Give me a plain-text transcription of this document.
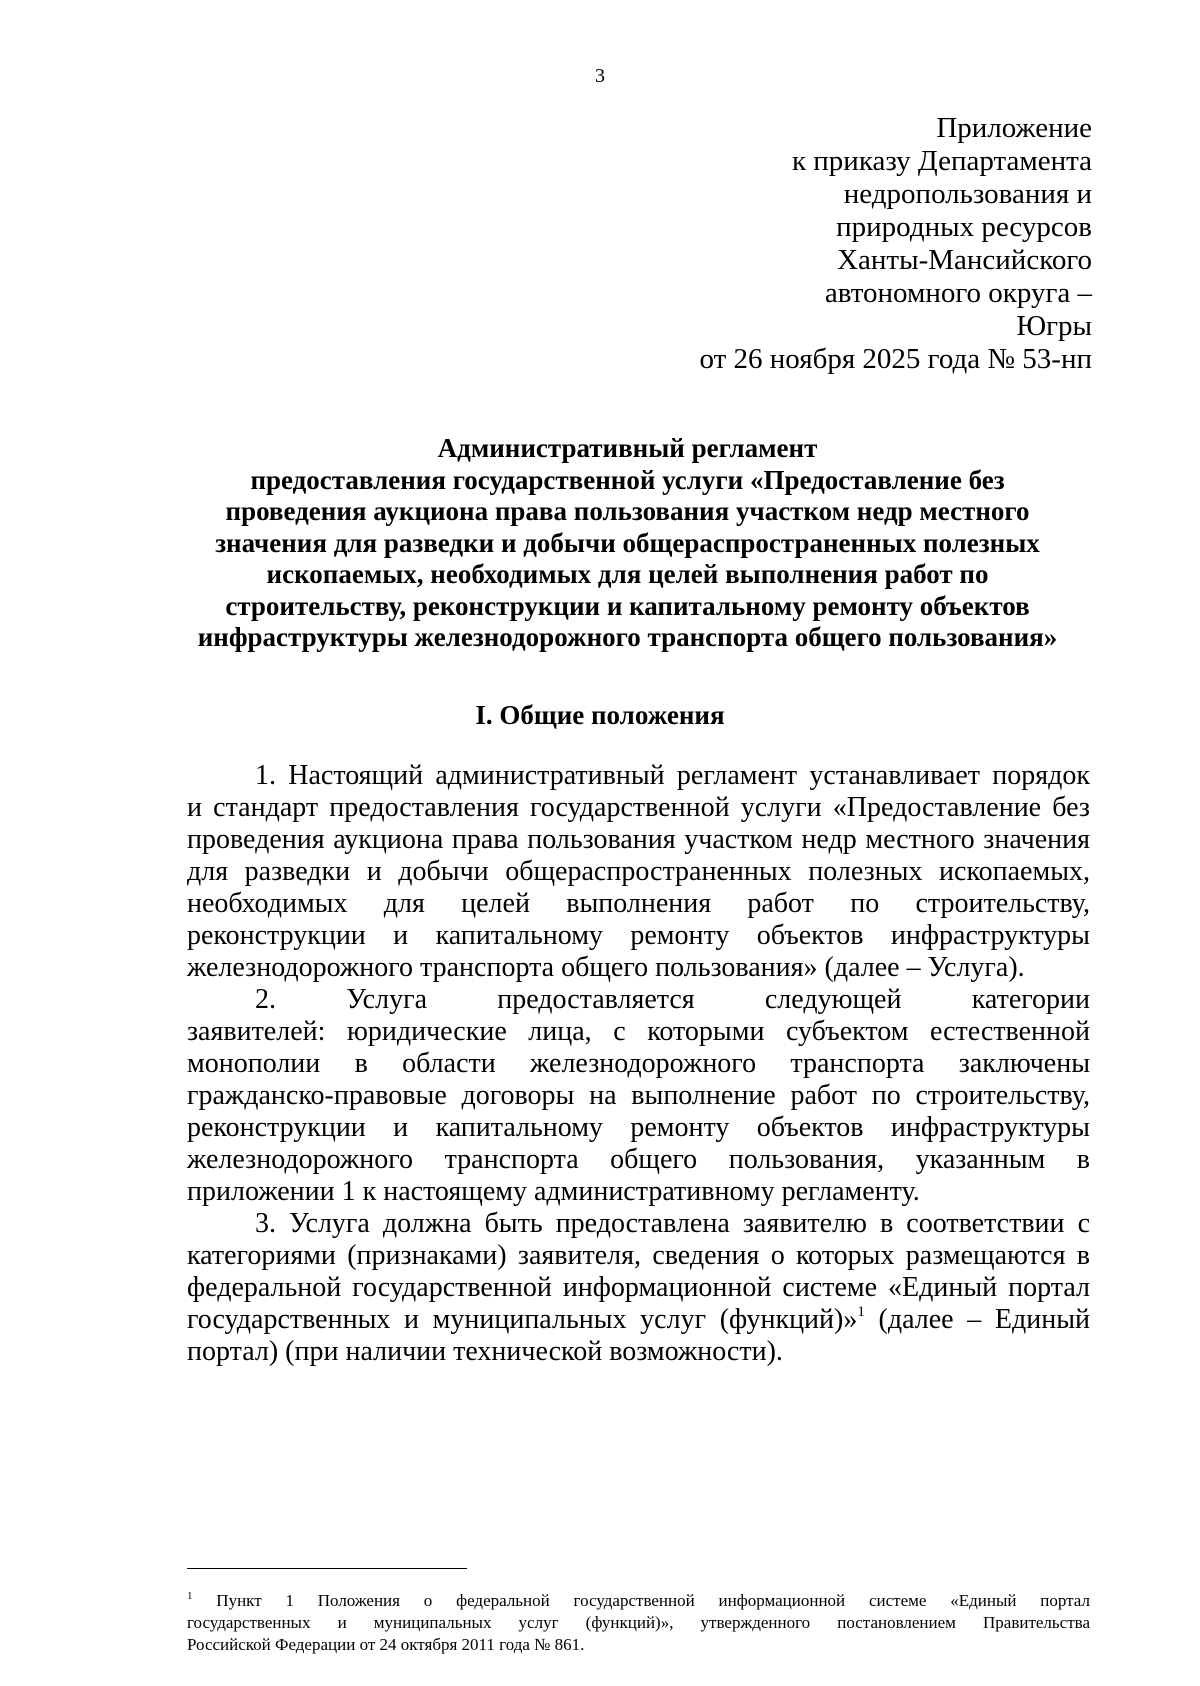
3
Приложение
к приказу Департамента
недропользования и
природных ресурсов
Ханты-Мансийского
автономного округа –
Югры
от 26 ноября 2025 года № 53-нп
Административный регламент
предоставления государственной услуги «Предоставление без
проведения аукциона права пользования участком недр местного
значения для разведки и добычи общераспространенных полезных
ископаемых, необходимых для целей выполнения работ по
строительству, реконструкции и капитальному ремонту объектов
инфраструктуры железнодорожного транспорта общего пользования»
I. Общие положения
1. Настоящий административный регламент устанавливает порядок
и стандарт предоставления государственной услуги «Предоставление без
проведения аукциона права пользования участком недр местного значения
для разведки и добычи общераспространенных полезных ископаемых,
необходимых для целей выполнения работ по строительству,
реконструкции и капитальному ремонту объектов инфраструктуры
железнодорожного транспорта общего пользования» (далее – Услуга).
2. Услуга предоставляется следующей категории
заявителей: юридические лица, с которыми субъектом естественной
монополии в области железнодорожного транспорта заключены
гражданско-правовые договоры на выполнение работ по строительству,
реконструкции и капитальному ремонту объектов инфраструктуры
железнодорожного транспорта общего пользования, указанным в
приложении 1 к настоящему административному регламенту.
3. Услуга должна быть предоставлена заявителю в соответствии с
категориями (признаками) заявителя, сведения о которых размещаются в
федеральной государственной информационной системе «Единый портал
государственных и муниципальных услуг (функций)»$^1$ (далее – Единый
портал) (при наличии технической возможности).
$^1$ Пункт 1 Положения о федеральной государственной информационной системе «Единый портал
государственных и муниципальных услуг (функций)», утвержденного постановлением Правительства
Российской Федерации от 24 октября 2011 года № 861.
